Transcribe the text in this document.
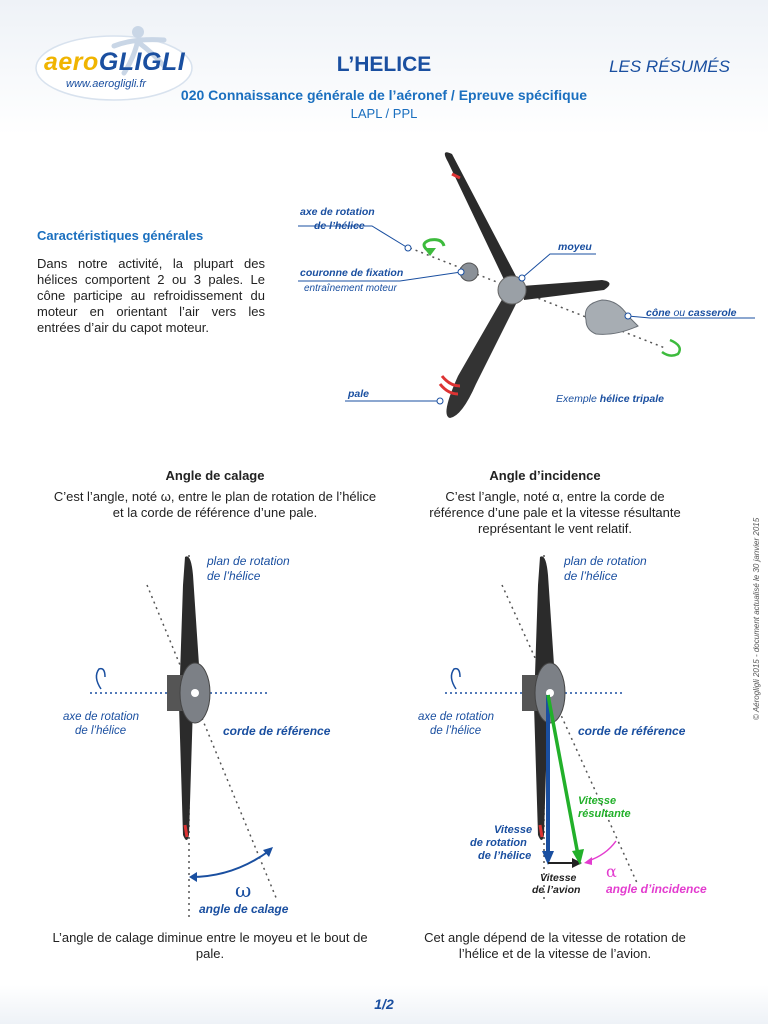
aeroGLIGLI
www.aerogligli.fr
L’HELICE	LES RÉSUMÉS
020 Connaissance générale de l’aéronef / Epreuve spécifique
LAPL / PPL
Caractéristiques générales
Dans notre activité, la plupart des hélices comportent 2 ou 3 pales. Le cône participe au refroidissement du moteur en orientant l’air vers les entrées d’air du capot moteur.
axe de rotation
de l’hélice
couronne de fixation
entraînement moteur
moyeu
cône ou casserole
pale	Exemple hélice tripale
Angle de calage
C’est l’angle, noté ω, entre le plan de rotation de l’hélice et la corde de référence d’une pale.
plan de rotation
de l’hélice
axe de rotation
de l’hélice	corde de référence
ω
angle de calage
L’angle de calage diminue entre le moyeu et le bout de pale.
Angle d’incidence
C’est l’angle, noté α, entre la corde de référence d’une pale et la vitesse résultante représentant le vent relatif.
plan de rotation
de l’hélice
axe de rotation
de l’hélice	corde de référence
Vitesse
résultante
Vitesse
de rotation
de l’hélice
Vitesse
de l’avion
α
angle d’incidence
Cet angle dépend de la vitesse de rotation de l’hélice et de la vitesse de l’avion.
© Aérogligli 2015 - document actualisé le 30 janvier 2015
1/2
